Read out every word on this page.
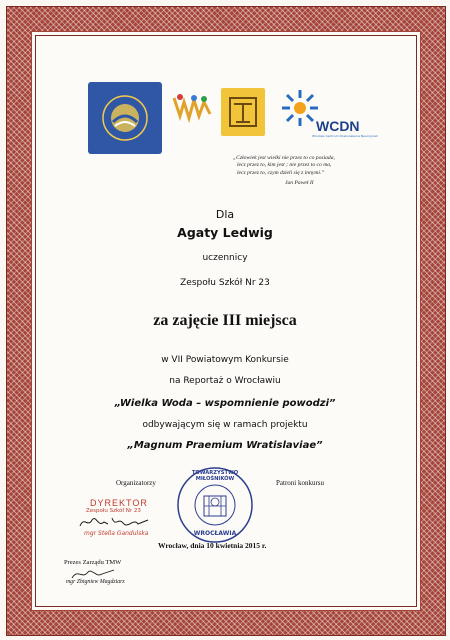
WCDN
Wrocław Centrum Doskonalenia Nauczycieli
„Człowiek jest wielki nie przez to co posiada,
lecz przez to, kim jest ; nie przez to co ma,
lecz przez to, czym dzieli się z innymi.”
Jan Paweł II
Dla
Agaty Ledwig
uczennicy
Zespołu Szkół Nr 23
za zajęcie III miejsca
w VII Powiatowym Konkursie
na Reportaż o Wrocławiu
„Wielka Woda – wspomnienie powodzi”
odbywającym się w ramach projektu
„Magnum Praemium Wratislaviae”
Organizatorzy	Patroni konkursu
DYREKTOR
Zespołu Szkół Nr 23
mgr Stella Gandulska
TOWARZYSTWO MIŁOŚNIKÓW
WROCŁAWIA
Wrocław, dnia 10 kwietnia 2015 r.
Prezes Zarządu TMW
mgr Zbigniew Magdziarz
